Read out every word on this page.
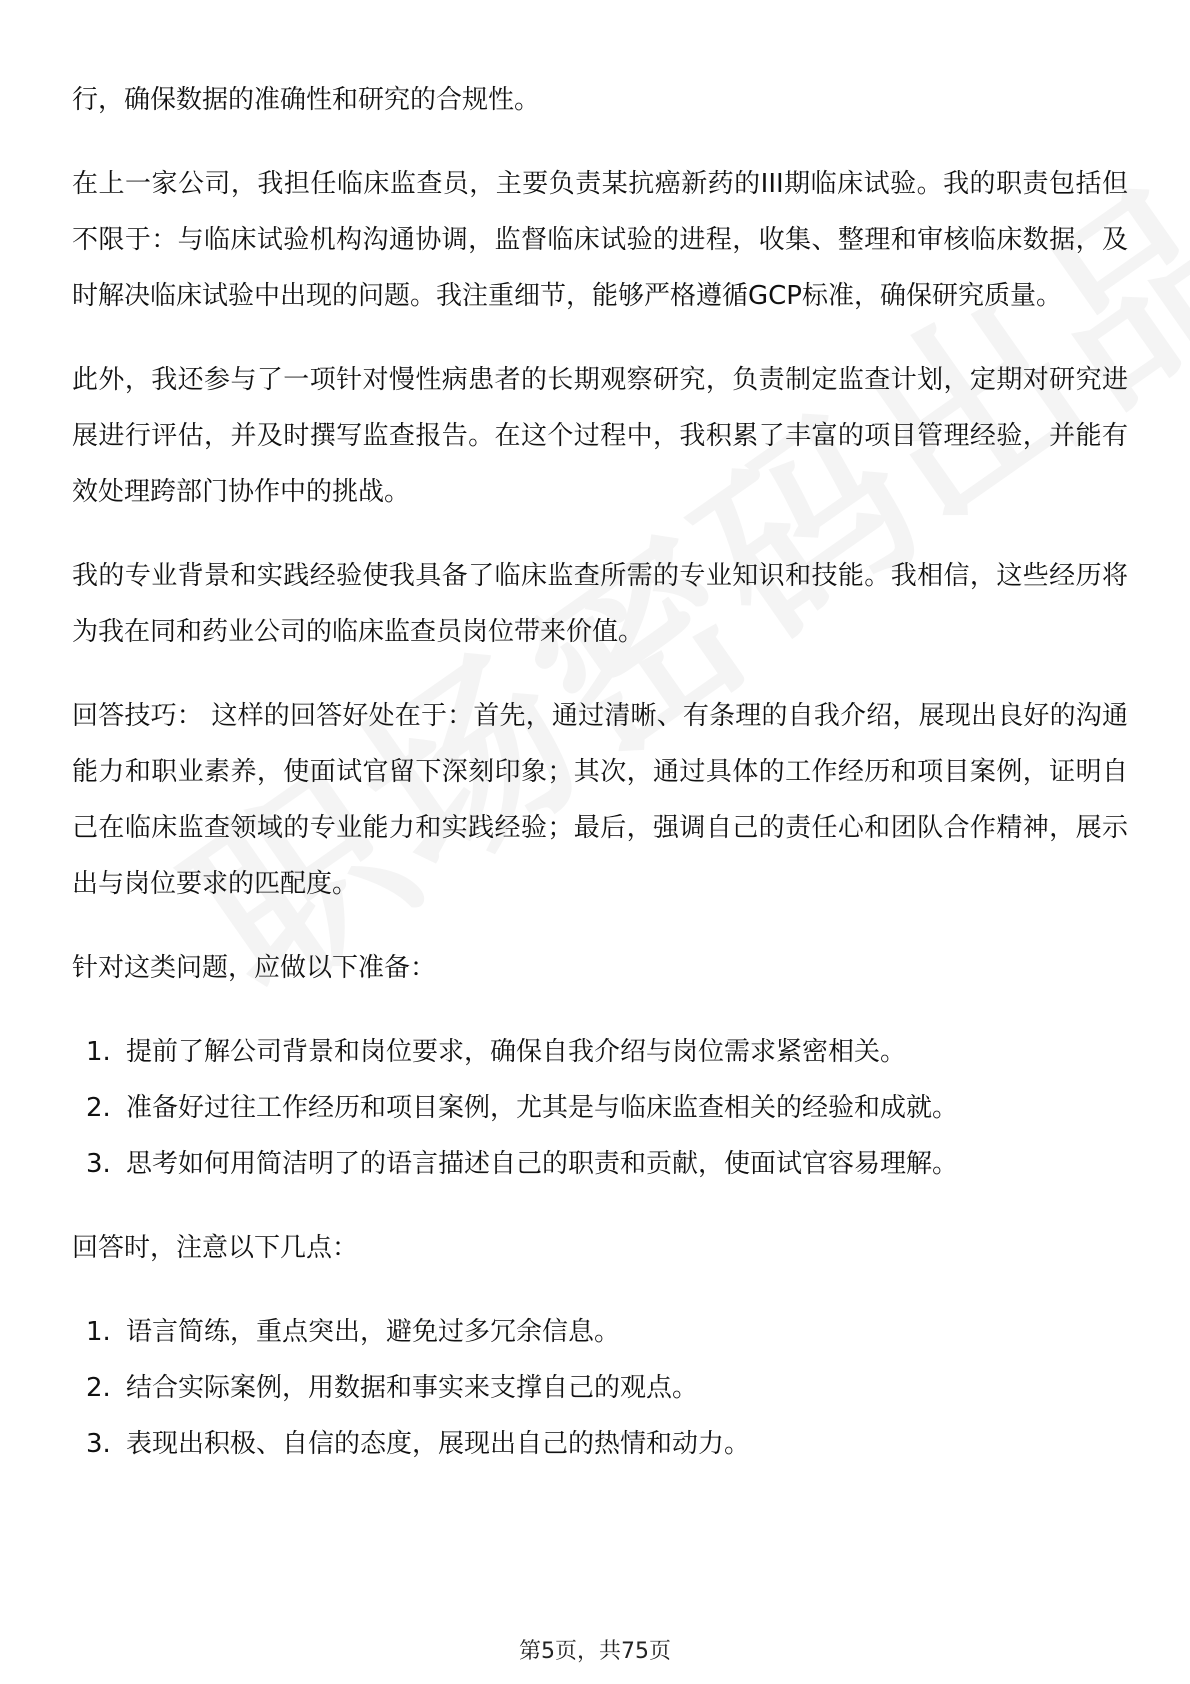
行，确保数据的准确性和研究的合规性。

在上一家公司，我担任临床监查员，主要负责某抗癌新药的III期临床试验。我的职责包括但不限于：与临床试验机构沟通协调，监督临床试验的进程，收集、整理和审核临床数据，及时解决临床试验中出现的问题。我注重细节，能够严格遵循GCP标准，确保研究质量。

此外，我还参与了一项针对慢性病患者的长期观察研究，负责制定监查计划，定期对研究进展进行评估，并及时撰写监查报告。在这个过程中，我积累了丰富的项目管理经验，并能有效处理跨部门协作中的挑战。

我的专业背景和实践经验使我具备了临床监查所需的专业知识和技能。我相信，这些经历将为我在同和药业公司的临床监查员岗位带来价值。

回答技巧： 这样的回答好处在于：首先，通过清晰、有条理的自我介绍，展现出良好的沟通能力和职业素养，使面试官留下深刻印象；其次，通过具体的工作经历和项目案例，证明自己在临床监查领域的专业能力和实践经验；最后，强调自己的责任心和团队合作精神，展示出与岗位要求的匹配度。

针对这类问题，应做以下准备：

1. 提前了解公司背景和岗位要求，确保自我介绍与岗位需求紧密相关。
2. 准备好过往工作经历和项目案例，尤其是与临床监查相关的经验和成就。
3. 思考如何用简洁明了的语言描述自己的职责和贡献，使面试官容易理解。

回答时，注意以下几点：

1. 语言简练，重点突出，避免过多冗余信息。
2. 结合实际案例，用数据和事实来支撑自己的观点。
3. 表现出积极、自信的态度，展现出自己的热情和动力。
第5页，共75页
